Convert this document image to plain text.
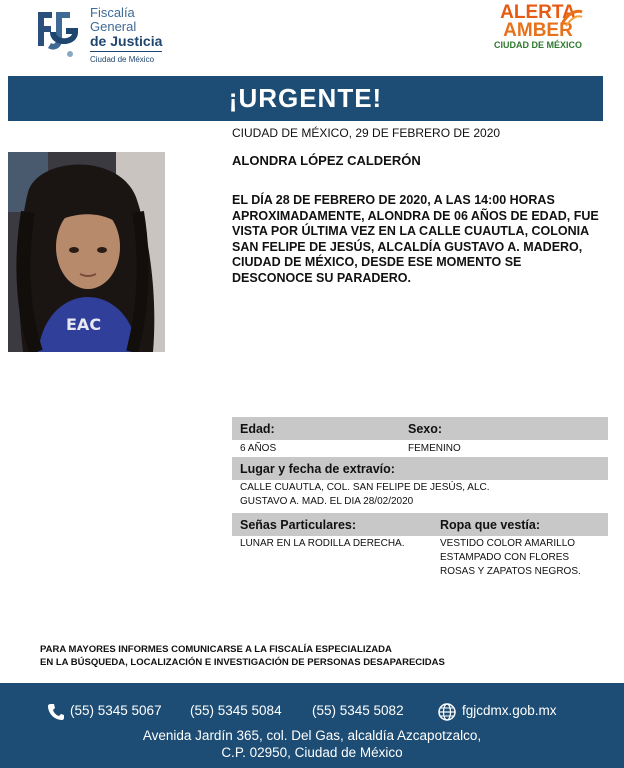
Fiscalía
General
de Justicia
Ciudad de México
ALERTA
AMBER
CIUDAD DE MÉXICO
¡URGENTE!
CIUDAD DE MÉXICO, 29 DE FEBRERO DE 2020
ALONDRA LÓPEZ CALDERÓN
EL DÍA 28 DE FEBRERO DE 2020, A LAS 14:00 HORAS APROXIMADAMENTE, ALONDRA DE 06 AÑOS DE EDAD, FUE VISTA POR ÚLTIMA VEZ EN LA CALLE CUAUTLA, COLONIA SAN FELIPE DE JESÚS, ALCALDÍA GUSTAVO A. MADERO, CIUDAD DE MÉXICO, DESDE ESE MOMENTO SE DESCONOCE SU PARADERO.
EAC
Edad:	Sexo:
6 AÑOS	FEMENINO
Lugar y fecha de extravío:
CALLE CUAUTLA, COL. SAN FELIPE DE JESÚS, ALC.
GUSTAVO A. MAD. EL DIA 28/02/2020
Señas Particulares:	Ropa que vestía:
LUNAR EN LA RODILLA DERECHA.	VESTIDO COLOR AMARILLO
ESTAMPADO CON FLORES
ROSAS Y ZAPATOS NEGROS.
PARA MAYORES INFORMES COMUNICARSE A LA FISCALÍA ESPECIALIZADA
EN LA BÚSQUEDA, LOCALIZACIÓN E INVESTIGACIÓN DE PERSONAS DESAPARECIDAS
(55) 5345 5067 (55) 5345 5084 (55) 5345 5082	fgjcdmx.gob.mx
Avenida Jardín 365, col. Del Gas, alcaldía Azcapotzalco,
C.P. 02950, Ciudad de México
